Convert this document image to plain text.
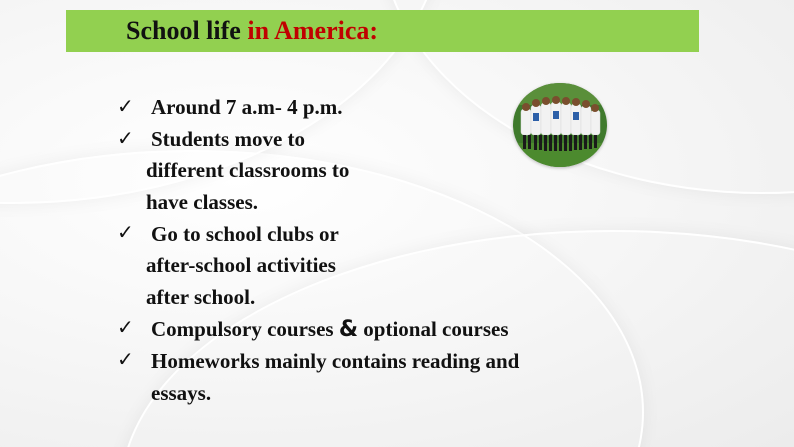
School life in America:
✓ Around 7 a.m- 4 p.m.
✓ Students move to
different classrooms to
have classes.
✓ Go to school clubs or
after-school activities
after school.
✓ Compulsory courses & optional courses
✓ Homeworks mainly contains reading and
essays.
